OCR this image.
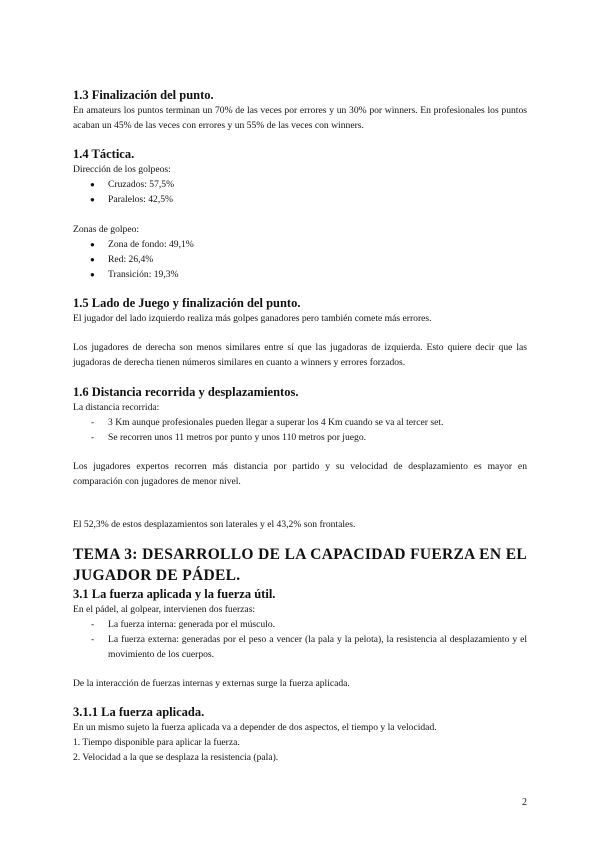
1.3 Finalización del punto.

En amateurs los puntos terminan un 70% de las veces por errores y un 30% por winners. En profesionales los puntos acaban un 45% de las veces con errores y un 55% de las veces con winners.

1.4 Táctica.

Dirección de los golpeos:

● Cruzados: 57,5%
● Paralelos: 42,5%

Zonas de golpeo:

● Zona de fondo: 49,1%
● Red: 26,4%
● Transición: 19,3%
1.5 Lado de Juego y finalización del punto.

El jugador del lado izquierdo realiza más golpes ganadores pero también comete más errores.

Los jugadores de derecha son menos similares entre sí que las jugadoras de izquierda. Esto quiere decir que las jugadoras de derecha tienen números similares en cuanto a winners y errores forzados.

1.6 Distancia recorrida y desplazamientos.

La distancia recorrida:

- 3 Km aunque profesionales pueden llegar a superar los 4 Km cuando se va al tercer set.
- Se recorren unos 11 metros por punto y unos 110 metros por juego.

Los jugadores expertos recorren más distancia por partido y su velocidad de desplazamiento es mayor en comparación con jugadores de menor nivel.

El 52,3% de estos desplazamientos son laterales y el 43,2% son frontales.

TEMA 3: DESARROLLO DE LA CAPACIDAD FUERZA EN EL JUGADOR DE PÁDEL.
3.1 La fuerza aplicada y la fuerza útil.

En el pádel, al golpear, intervienen dos fuerzas:

- La fuerza interna: generada por el músculo.
- La fuerza externa: generadas por el peso a vencer (la pala y la pelota), la resistencia al desplazamiento y el movimiento de los cuerpos.

De la interacción de fuerzas internas y externas surge la fuerza aplicada.

3.1.1 La fuerza aplicada.

En un mismo sujeto la fuerza aplicada va a depender de dos aspectos, el tiempo y la velocidad.

1. Tiempo disponible para aplicar la fuerza.

2. Velocidad a la que se desplaza la resistencia (pala).

2
